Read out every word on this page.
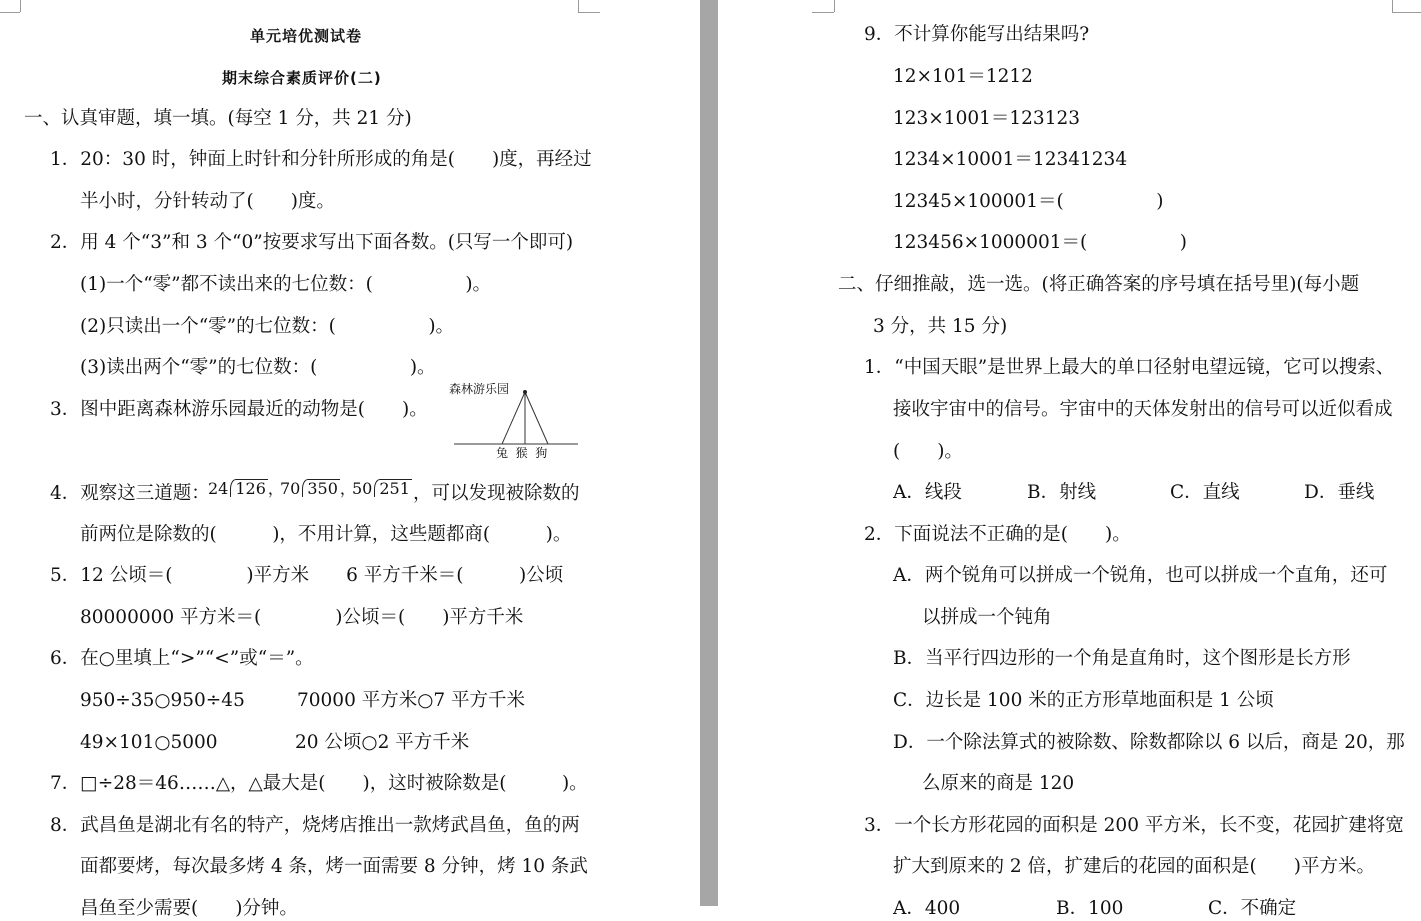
单元培优测试卷
期末综合素质评价(二)
一、认真审题，填一填。(每空 1 分，共 21 分)
1．20：30 时，钟面上时针和分针所形成的角是(　　)度，再经过
半小时，分针转动了(　　)度。
2．用 4 个“3”和 3 个“0”按要求写出下面各数。(只写一个即可)
(1)一个“零”都不读出来的七位数：(　　　　　)。
(2)只读出一个“零”的七位数：(　　　　　)。
(3)读出两个“零”的七位数：(　　　　　)。
3．图中距离森林游乐园最近的动物是(　　)。
森林游乐园
兔  猴  狗
4．观察这三道题：
24 126 ，
70 350 ，
50 251 ，可以发现被除数的
前两位是除数的(　　　)，不用计算，这些题都商(　　　)。
5．12 公顷＝(　　　　)平方米　　6 平方千米＝(　　　)公顷
80000000 平方米＝(　　　　)公顷＝(　　)平方千米
6．在○里填上“>”“<”或“＝”。
950÷35○950÷45	70000 平方米○7 平方千米
49×101○5000	20 公顷○2 平方千米
7．□÷28＝46……△，△最大是(　　)，这时被除数是(　　　)。
8．武昌鱼是湖北有名的特产，烧烤店推出一款烤武昌鱼，鱼的两
面都要烤，每次最多烤 4 条，烤一面需要 8 分钟，烤 10 条武
昌鱼至少需要(　　)分钟。
9．不计算你能写出结果吗?
12×101＝1212
123×1001＝123123
1234×10001＝12341234
12345×100001＝(　　　　　)
123456×1000001＝(　　　　　)
二、仔细推敲，选一选。(将正确答案的序号填在括号里)(每小题
3 分，共 15 分)
1．“中国天眼”是世界上最大的单口径射电望远镜，它可以搜索、
接收宇宙中的信号。宇宙中的天体发射出的信号可以近似看成
(　　)。
A．线段	B．射线	C．直线	D．垂线
2．下面说法不正确的是(　　)。
A．两个锐角可以拼成一个锐角，也可以拼成一个直角，还可
以拼成一个钝角
B．当平行四边形的一个角是直角时，这个图形是长方形
C．边长是 100 米的正方形草地面积是 1 公顷
D．一个除法算式的被除数、除数都除以 6 以后，商是 20，那
么原来的商是 120
3．一个长方形花园的面积是 200 平方米，长不变，花园扩建将宽
扩大到原来的 2 倍，扩建后的花园的面积是(　　)平方米。
A．400	B．100	C．不确定
